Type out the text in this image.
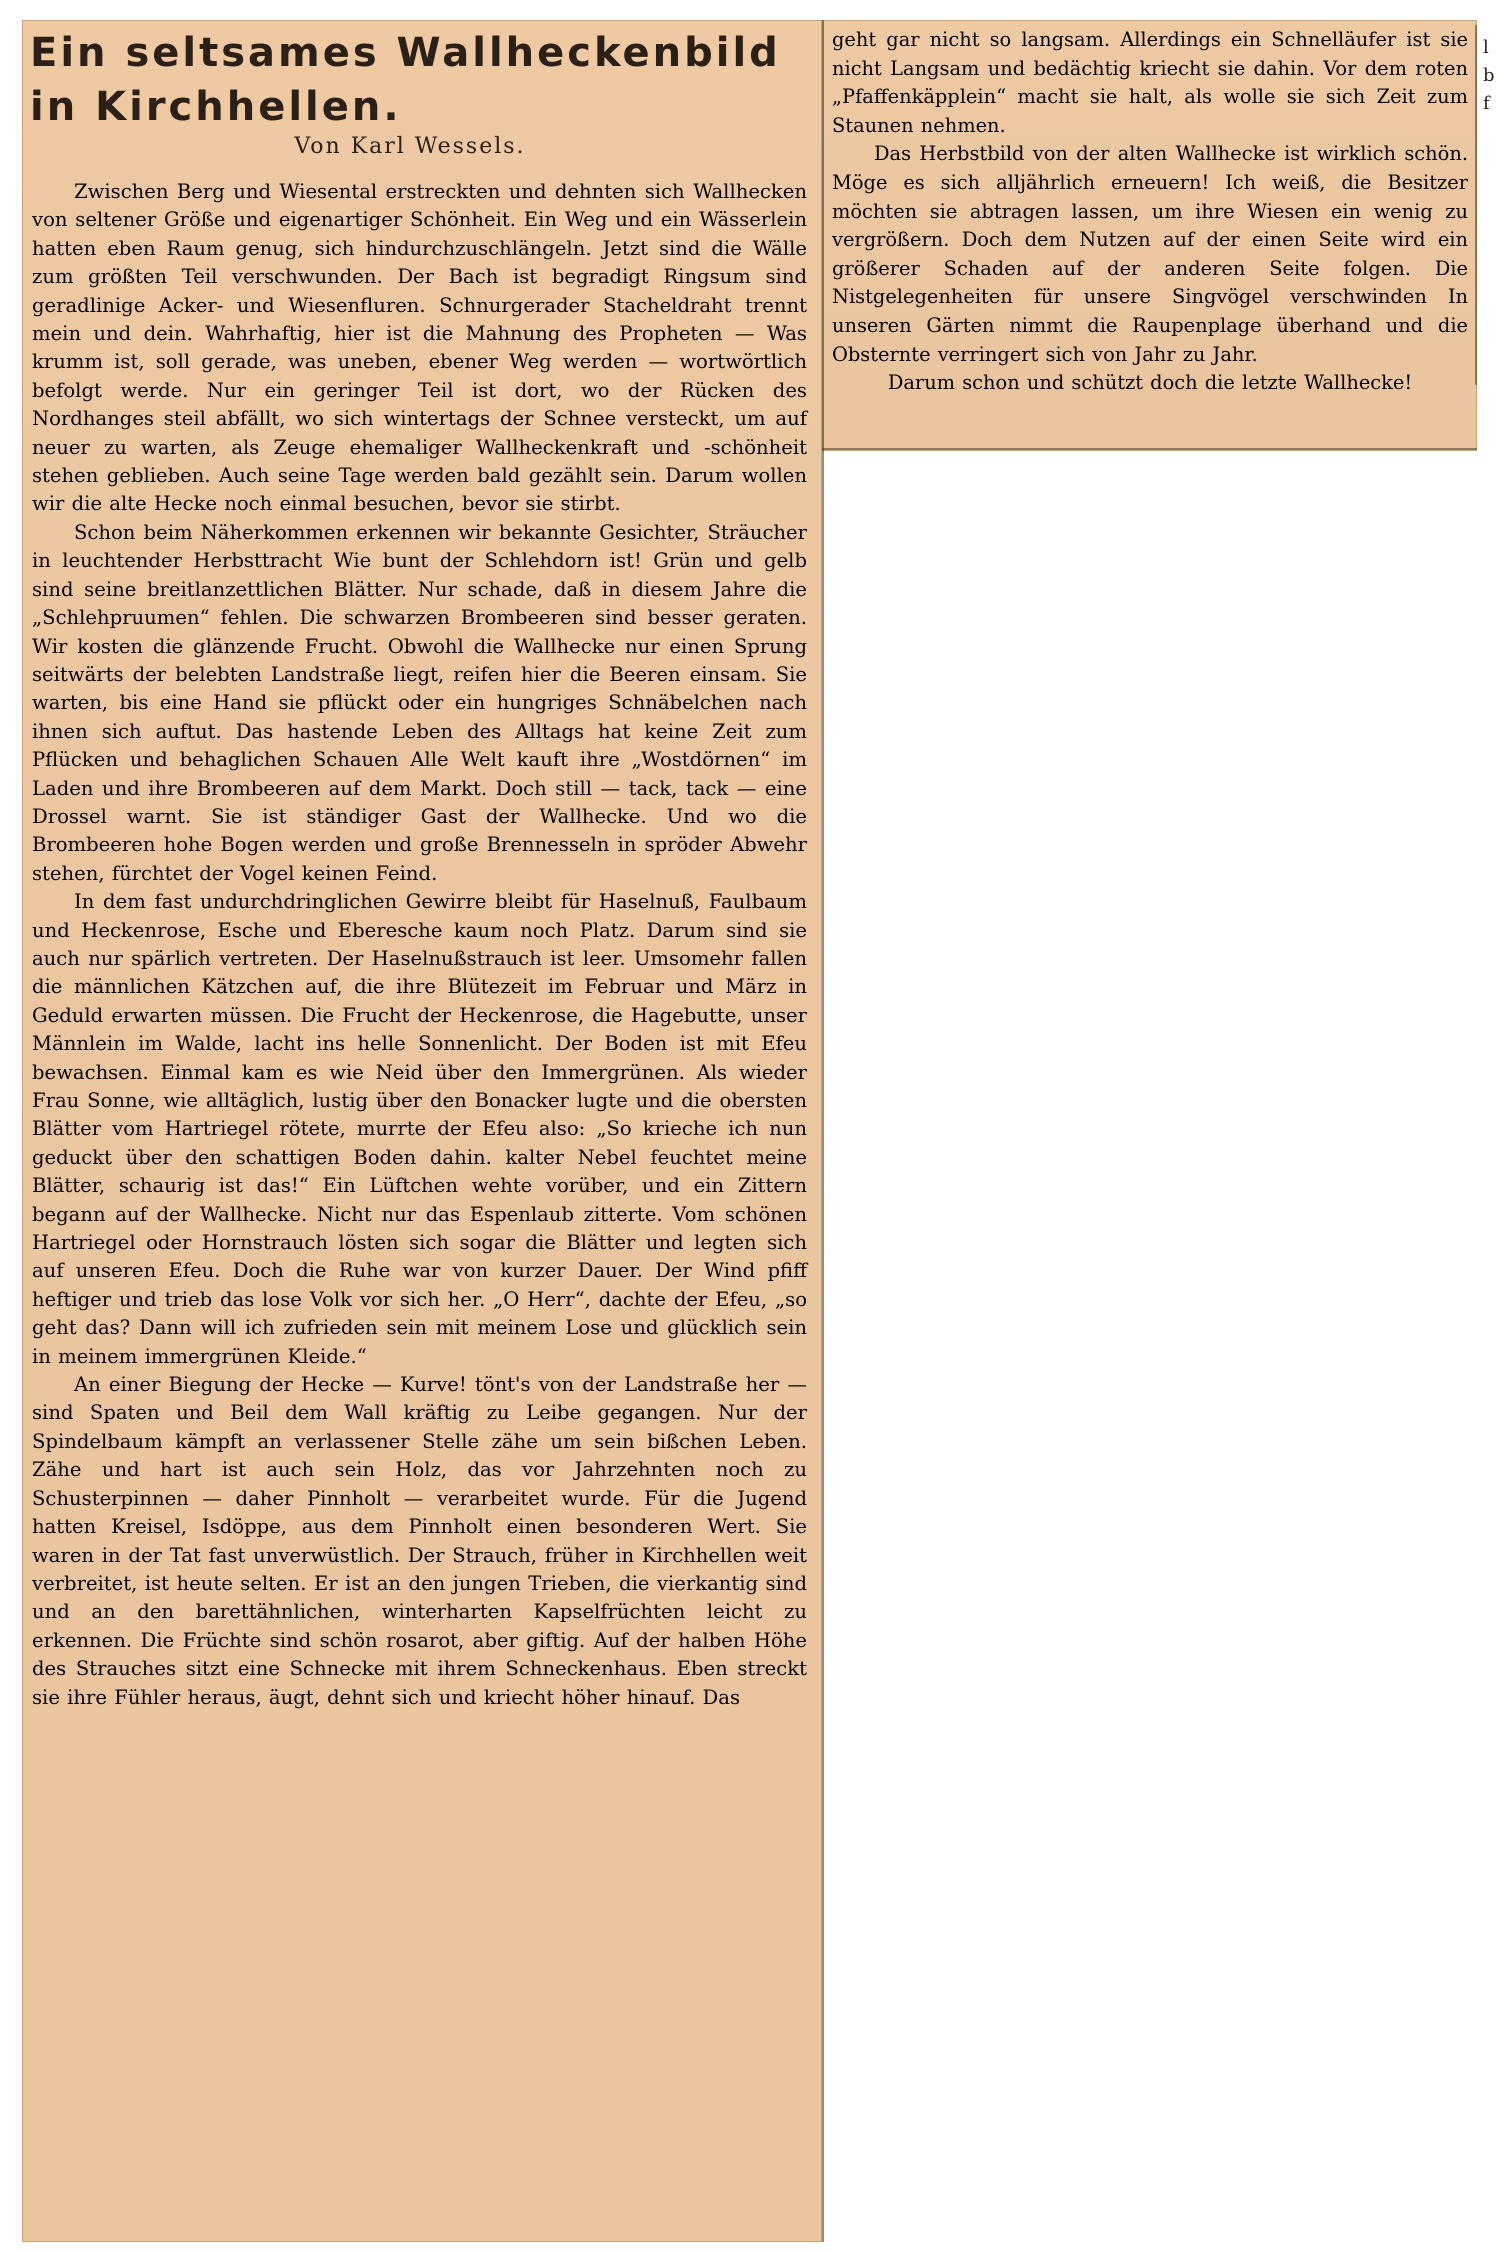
Ein seltsames Wallheckenbild
in Kirchhellen.

Von Karl Wessels.

Zwischen Berg und Wiesental erstreckten und dehnten sich Wallhecken von seltener Größe und eigenartiger Schönheit. Ein Weg und ein Wässerlein hatten eben Raum genug, sich hindurchzuschlängeln. Jetzt sind die Wälle zum größten Teil verschwunden. Der Bach ist begradigt Ringsum sind geradlinige Acker- und Wiesenfluren. Schnurgerader Stacheldraht trennt mein und dein. Wahrhaftig, hier ist die Mahnung des Propheten — Was krumm ist, soll gerade, was uneben, ebener Weg werden — wortwörtlich befolgt werde. Nur ein geringer Teil ist dort, wo der Rücken des Nordhanges steil abfällt, wo sich wintertags der Schnee versteckt, um auf neuer zu warten, als Zeuge ehemaliger Wallheckenkraft und -schönheit stehen geblieben. Auch seine Tage werden bald gezählt sein. Darum wollen wir die alte Hecke noch einmal besuchen, bevor sie stirbt.

Schon beim Näherkommen erkennen wir bekannte Gesichter, Sträucher in leuchtender Herbsttracht Wie bunt der Schlehdorn ist! Grün und gelb sind seine breitlanzettlichen Blätter. Nur schade, daß in diesem Jahre die „Schlehpruumen“ fehlen. Die schwarzen Brombeeren sind besser geraten. Wir kosten die glänzende Frucht. Obwohl die Wallhecke nur einen Sprung seitwärts der belebten Landstraße liegt, reifen hier die Beeren einsam. Sie warten, bis eine Hand sie pflückt oder ein hungriges Schnäbelchen nach ihnen sich auftut. Das hastende Leben des Alltags hat keine Zeit zum Pflücken und behaglichen Schauen Alle Welt kauft ihre „Wostdörnen“ im Laden und ihre Brombeeren auf dem Markt. Doch still — tack, tack — eine Drossel warnt. Sie ist ständiger Gast der Wallhecke. Und wo die Brombeeren hohe Bogen werden und große Brennesseln in spröder Abwehr stehen, fürchtet der Vogel keinen Feind.

In dem fast undurchdringlichen Gewirre bleibt für Haselnuß, Faulbaum und Heckenrose, Esche und Eberesche kaum noch Platz. Darum sind sie auch nur spärlich vertreten. Der Haselnußstrauch ist leer. Umsomehr fallen die männlichen Kätzchen auf, die ihre Blütezeit im Februar und März in Geduld erwarten müssen. Die Frucht der Heckenrose, die Hagebutte, unser Männlein im Walde, lacht ins helle Sonnenlicht. Der Boden ist mit Efeu bewachsen. Einmal kam es wie Neid über den Immergrünen. Als wieder Frau Sonne, wie alltäglich, lustig über den Bonacker lugte und die obersten Blätter vom Hartriegel rötete, murrte der Efeu also: „So krieche ich nun geduckt über den schattigen Boden dahin. kalter Nebel feuchtet meine Blätter, schaurig ist das!“ Ein Lüftchen wehte vorüber, und ein Zittern begann auf der Wallhecke. Nicht nur das Espenlaub zitterte. Vom schönen Hartriegel oder Hornstrauch lösten sich sogar die Blätter und legten sich auf unseren Efeu. Doch die Ruhe war von kurzer Dauer. Der Wind pfiff heftiger und trieb das lose Volk vor sich her. „O Herr“, dachte der Efeu, „so geht das? Dann will ich zufrieden sein mit meinem Lose und glücklich sein in meinem immergrünen Kleide.“

An einer Biegung der Hecke — Kurve! tönt's von der Landstraße her — sind Spaten und Beil dem Wall kräftig zu Leibe gegangen. Nur der Spindelbaum kämpft an verlassener Stelle zähe um sein bißchen Leben. Zähe und hart ist auch sein Holz, das vor Jahrzehnten noch zu Schusterpinnen — daher Pinnholt — verarbeitet wurde. Für die Jugend hatten Kreisel, Isdöppe, aus dem Pinnholt einen besonderen Wert. Sie waren in der Tat fast unverwüstlich. Der Strauch, früher in Kirchhellen weit verbreitet, ist heute selten. Er ist an den jungen Trieben, die vierkantig sind und an den barettähnlichen, winterharten Kapselfrüchten leicht zu erkennen. Die Früchte sind schön rosarot, aber giftig. Auf der halben Höhe des Strauches sitzt eine Schnecke mit ihrem Schneckenhaus. Eben streckt sie ihre Fühler heraus, äugt, dehnt sich und kriecht höher hinauf. Das

geht gar nicht so langsam. Allerdings ein Schnelläufer ist sie nicht Langsam und bedächtig kriecht sie dahin. Vor dem roten „Pfaffenkäpplein“ macht sie halt, als wolle sie sich Zeit zum Staunen nehmen.

Das Herbstbild von der alten Wallhecke ist wirklich schön. Möge es sich alljährlich erneuern! Ich weiß, die Besitzer möchten sie abtragen lassen, um ihre Wiesen ein wenig zu vergrößern. Doch dem Nutzen auf der einen Seite wird ein größerer Schaden auf der anderen Seite folgen. Die Nistgelegenheiten für unsere Singvögel verschwinden In unseren Gärten nimmt die Raupenplage überhand und die Obsternte verringert sich von Jahr zu Jahr.

Darum schon und schützt doch die letzte Wallhecke!

l
b
f
